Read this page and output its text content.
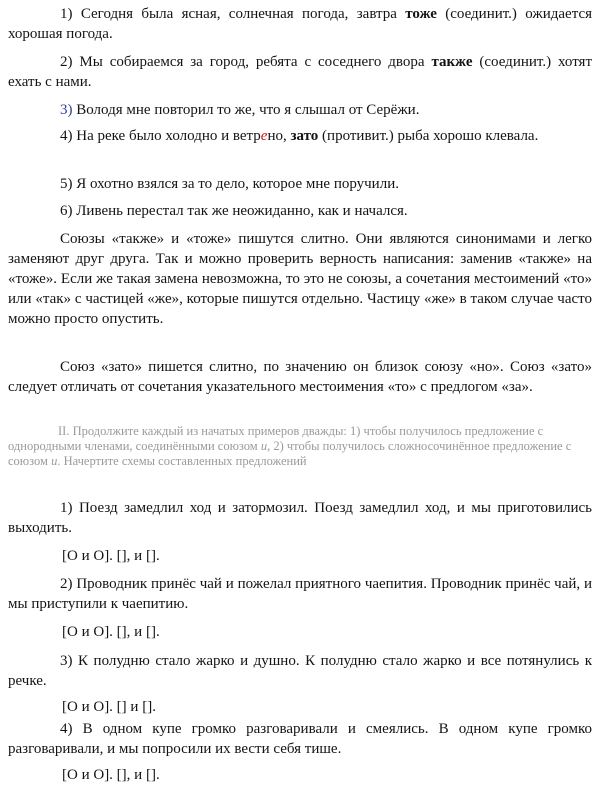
1) Сегодня была ясная, солнечная погода, завтра тоже (соединит.) ожидается хорошая погода.

2) Мы собираемся за город, ребята с соседнего двора также (соединит.) хотят ехать с нами.

3) Володя мне повторил то же, что я слышал от Серёжи.

4) На реке было холодно и ветрено, зато (противит.) рыба хорошо клевала.

5) Я охотно взялся за то дело, которое мне поручили.

6) Ливень перестал так же неожиданно, как и начался.

Союзы «также» и «тоже» пишутся слитно. Они являются синонимами и легко заменяют друг друга. Так и можно проверить верность написания: заменив «также» на «тоже». Если же такая замена невозможна, то это не союзы, а сочетания местоимений «то» или «так» с частицей «же», которые пишутся отдельно. Частицу «же» в таком случае часто можно просто опустить.

Союз «зато» пишется слитно, по значению он близок союзу «но». Союз «зато» следует отличать от сочетания указательного местоимения «то» с предлогом «за».

II. Продолжите каждый из начатых примеров дважды: 1) чтобы получилось предложение с однородными членами, соединёнными союзом и, 2) чтобы получилось сложносочинённое предложение с союзом и. Начертите схемы составленных предложений

1) Поезд замедлил ход и затормозил. Поезд замедлил ход, и мы приготовились выходить.

[О и О]. [], и [].

2) Проводник принёс чай и пожелал приятного чаепития. Проводник принёс чай, и мы приступили к чаепитию.

[О и О]. [], и [].

3) К полудню стало жарко и душно. К полудню стало жарко и все потянулись к речке.

[О и О]. [] и [].

4) В одном купе громко разговаривали и смеялись. В одном купе громко разговаривали, и мы попросили их вести себя тише.

[О и О]. [], и [].
